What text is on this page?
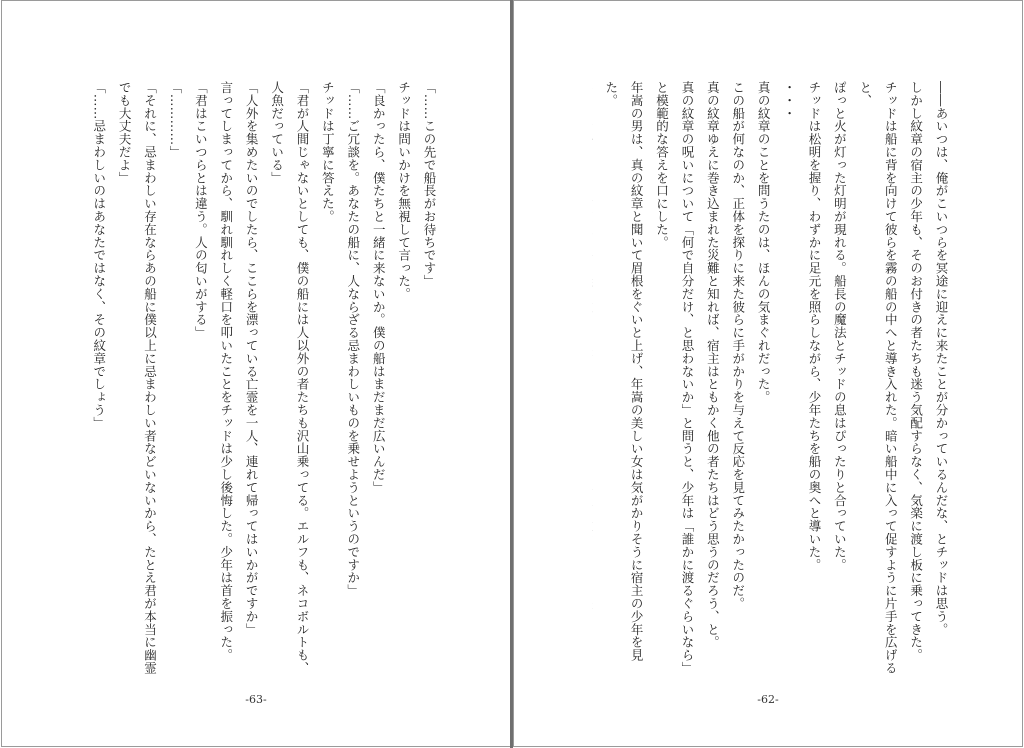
「……この先で船長がお待ちです」
チッドは問いかけを無視して言った。
「良かったら、僕たちと一緒に来ないか。僕の船はまだまだ広いんだ」
「……ご冗談を。あなたの船に、人ならざる忌まわしいものを乗せようというのですか」
チッドは丁寧に答えた。
「君が人間じゃないとしても、僕の船には人以外の者たちも沢山乗ってる。エルフも、ネコボルトも、人魚だっている」
「人外を集めたいのでしたら、ここらを漂っている亡霊を一人、連れて帰ってはいかがですか」
言ってしまってから、馴れ馴れしく軽口を叩いたことをチッドは少し後悔した。少年は首を振った。
「君はこいつらとは違う。人の匂いがする」
「…………」
「それに、忌まわしい存在ならあの船に僕以上に忌まわしい者などいないから、たとえ君が本当に幽霊でも大丈夫だよ」
「……忌まわしいのはあなたではなく、その紋章でしょう」
-63-
――あいつは、俺がこいつらを冥途に迎えに来たことが分かっているんだな、とチッドは思う。
しかし紋章の宿主の少年も、そのお付きの者たちも迷う気配すらなく、気楽に渡し板に乗ってきた。
チッドは船に背を向けて彼らを霧の船の中へと導き入れた。暗い船中に入って促すように片手を広げると、
ぽっと火が灯った灯明が現れる。船長の魔法とチッドの息はぴったりと合っていた。
チッドは松明を握り、わずかに足元を照らしながら、少年たちを船の奥へと導いた。
・・・
真の紋章のことを問うたのは、ほんの気まぐれだった。
この船が何なのか、正体を探りに来た彼らに手がかりを与えて反応を見てみたかったのだ。
真の紋章ゆえに巻き込まれた災難と知れば、宿主はともかく他の者たちはどう思うのだろう、と。
真の紋章の呪いについて「何で自分だけ、と思わないか」と問うと、少年は「誰かに渡るぐらいなら」と模範的な答えを口にした。
年嵩の男は、真の紋章と聞いて眉根をぐいと上げ、年嵩の美しい女は気がかりそうに宿主の少年を見た。
-62-
